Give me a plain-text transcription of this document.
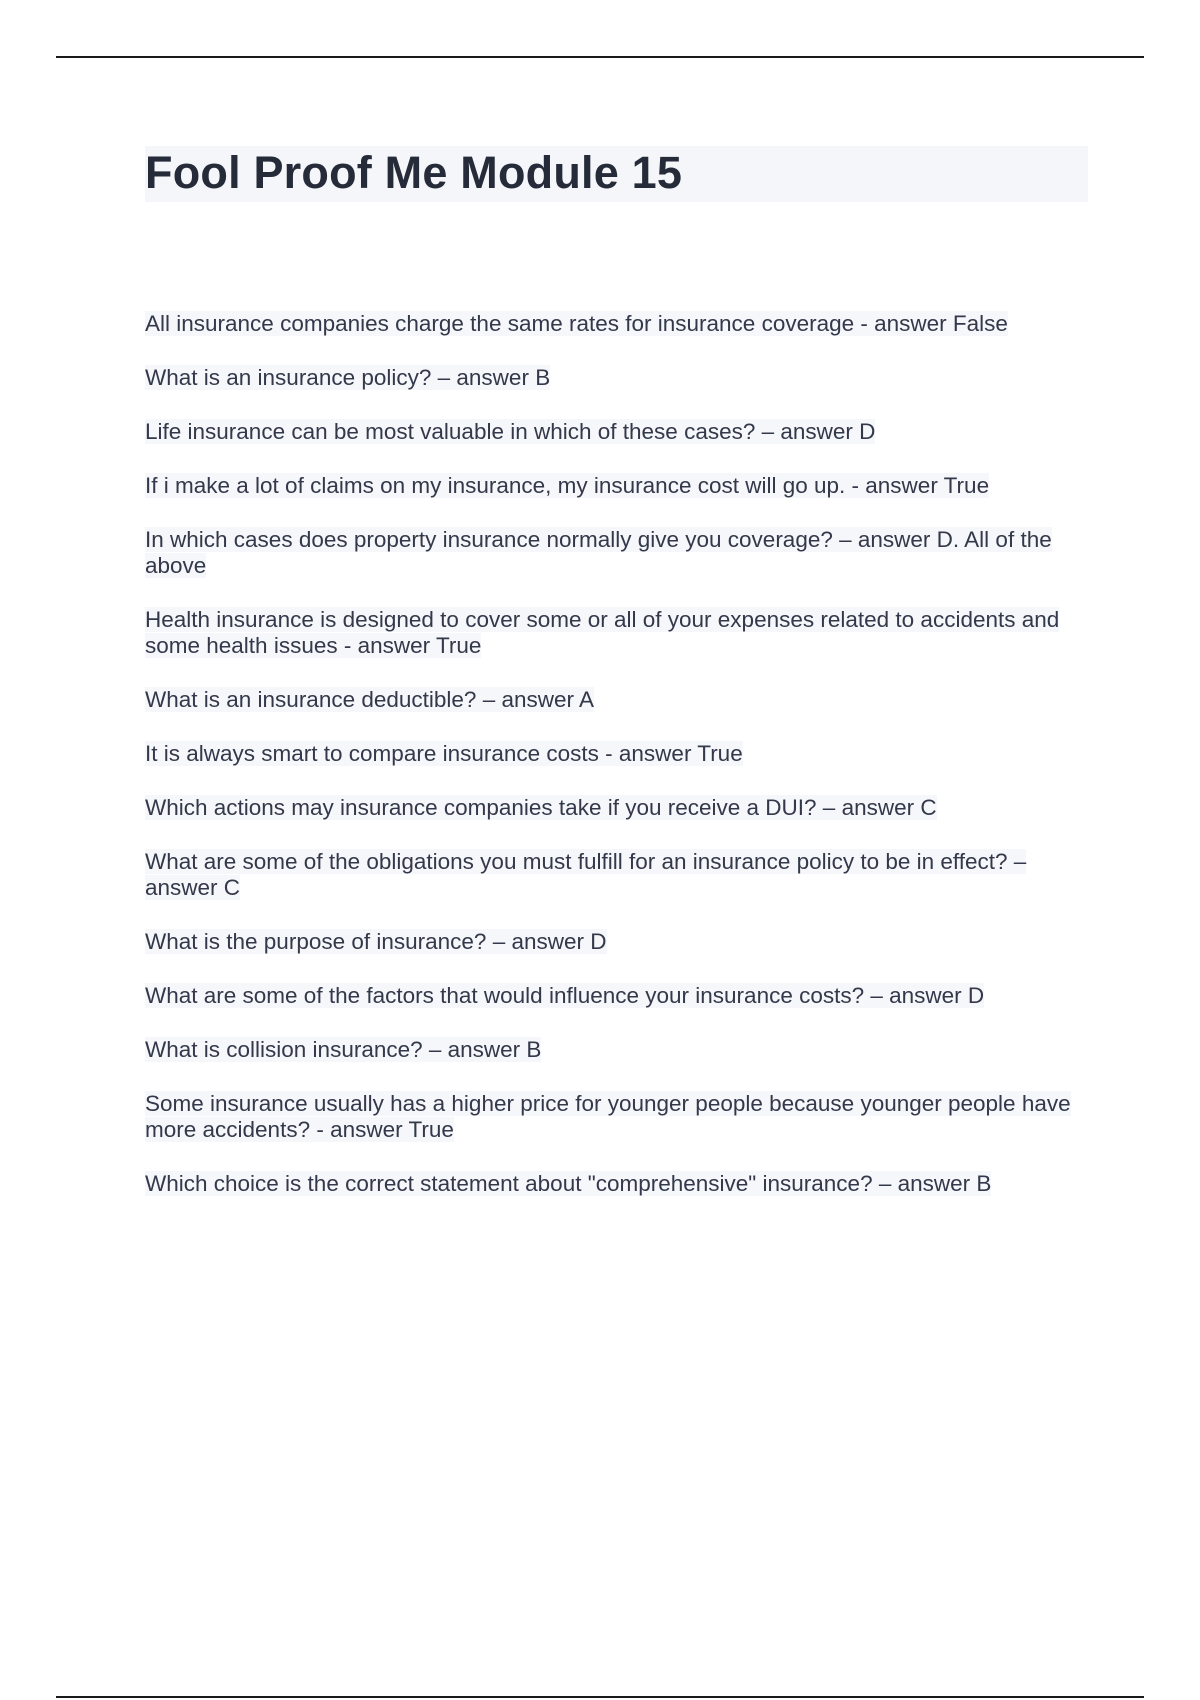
Fool Proof Me Module 15
All insurance companies charge the same rates for insurance coverage - answer False
What is an insurance policy? – answer B
Life insurance can be most valuable in which of these cases? – answer D
If i make a lot of claims on my insurance, my insurance cost will go up. - answer True
In which cases does property insurance normally give you coverage? – answer D. All of the above
Health insurance is designed to cover some or all of your expenses related to accidents and some health issues - answer True
What is an insurance deductible? – answer A
It is always smart to compare insurance costs - answer True
Which actions may insurance companies take if you receive a DUI? – answer C
What are some of the obligations you must fulfill for an insurance policy to be in effect? – answer C
What is the purpose of insurance? – answer D
What are some of the factors that would influence your insurance costs? – answer D
What is collision insurance? – answer B
Some insurance usually has a higher price for younger people because younger people have more accidents? - answer True
Which choice is the correct statement about "comprehensive" insurance? – answer B
